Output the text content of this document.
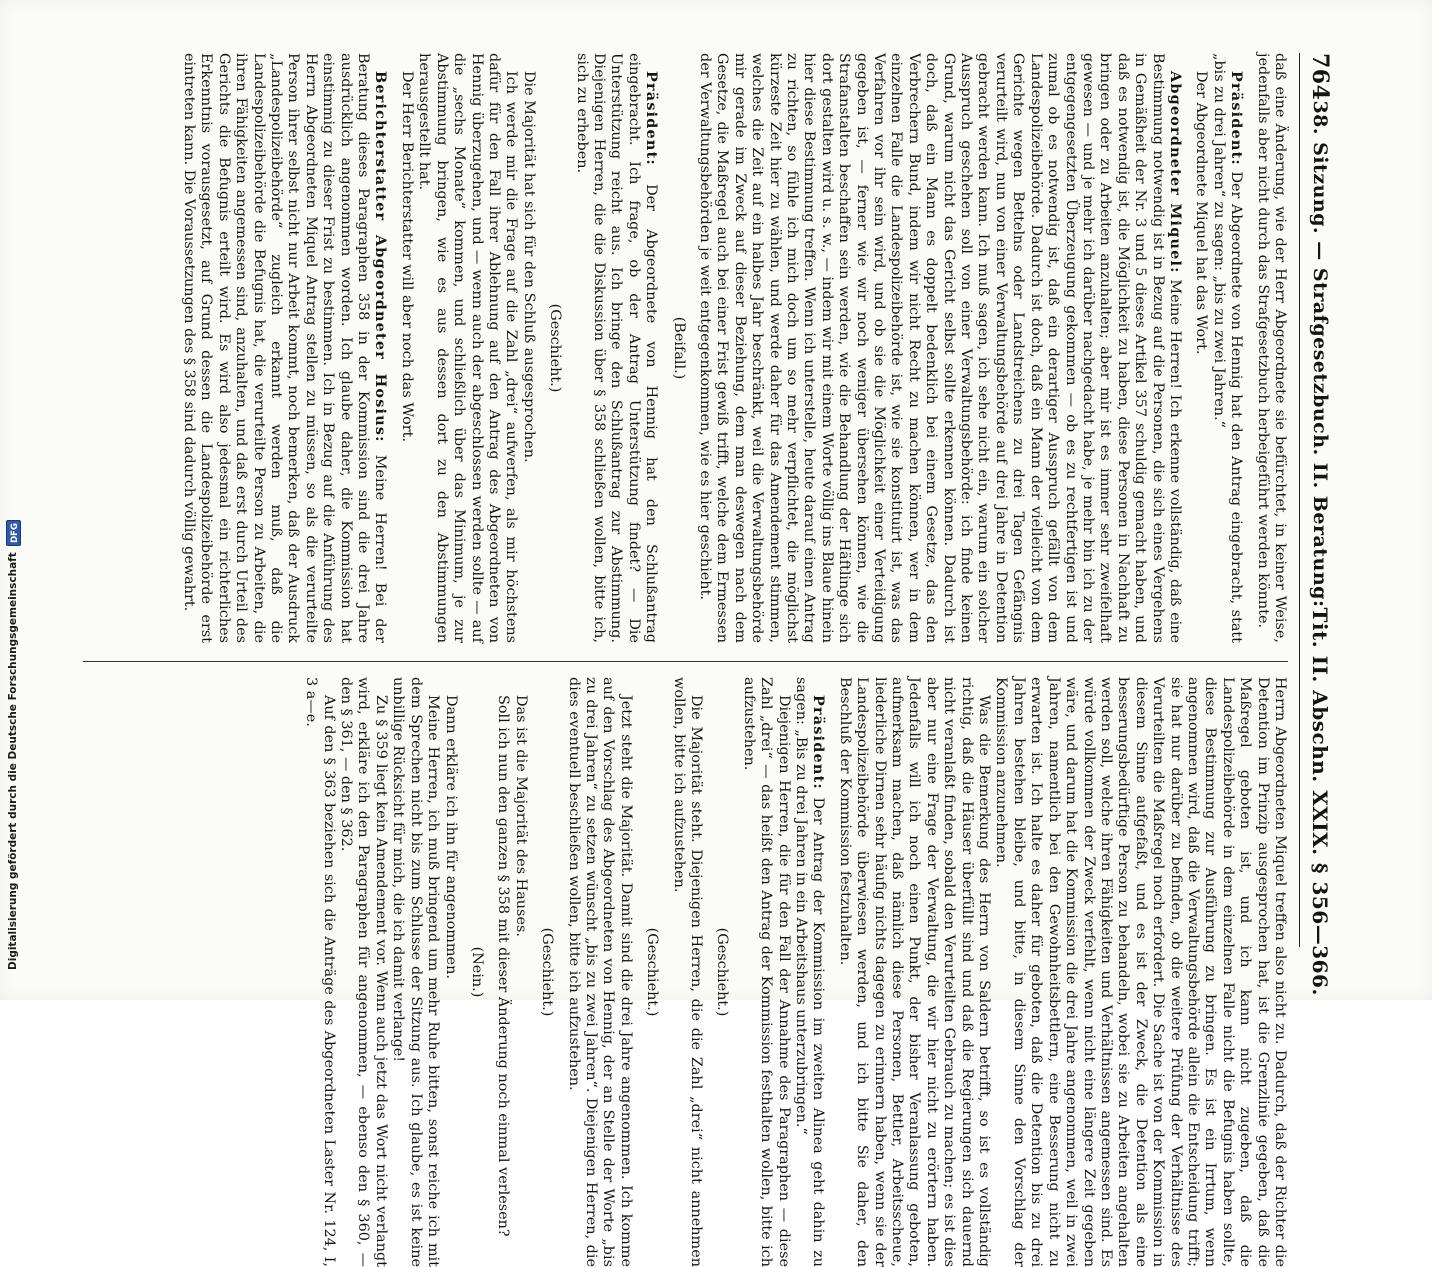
764
38. Sitzung. — Strafgesetzbuch. II. Beratung:
Tit. II. Abschn. XXIX. § 356—366.

daß eine Änderung, wie der Herr Abgeordnete sie befürchtet, in keiner Weise, jedenfalls aber nicht durch das Strafgesetzbuch herbeigeführt werden könnte.

Präsident: Der Abgeordnete von Hennig hat den Antrag eingebracht, statt „bis zu drei Jahren“ zu sagen: „bis zu zwei Jahren.“

Der Abgeordnete Miquel hat das Wort.

Abgeordneter Miquel: Meine Herren! Ich erkenne vollständig, daß eine Bestimmung notwendig ist in Bezug auf die Personen, die sich eines Vergehens in Gemäßheit der Nr. 3 und 5 dieses Artikel 357 schuldig gemacht haben, und daß es notwendig ist, die Möglichkeit zu haben, diese Personen in Nachhaft zu bringen oder zu Arbeiten anzuhalten; aber mir ist es immer sehr zweifelhaft gewesen — und je mehr ich darüber nachgedacht habe, je mehr bin ich zu der entgegengesetzten Überzeugung gekommen — ob es zu rechtfertigen ist und zumal ob es notwendig ist, daß ein derartiger Ausspruch gefällt von dem Landespolizeibehörde. Dadurch ist doch, daß ein Mann der vielleicht von dem Gerichte wegen Bettelns oder Landstreichens zu drei Tagen Gefängnis verurteilt wird, nun von einer Verwaltungsbehörde auf drei Jahre in Detention gebracht werden kann. Ich muß sagen, ich sehe nicht ein, warum ein solcher Ausspruch geschehen soll von einer Verwaltungsbehörde: ich finde keinen Grund, warum nicht das Gericht selbst sollte erkennen können. Dadurch ist doch, daß ein Mann es doppelt bedenklich bei einem Gesetze, das den Verbrechern Bund, indem wir nicht Recht zu machen können, wer in dem einzelnen Falle die Landespolizeibehörde ist, wie sie konstituirt ist, was das Verfahren vor ihr sein wird, und ob sie die Möglichkeit einer Verteidigung gegeben ist, — ferner wie wir noch weniger übersehen können, wie die Strafanstalten beschaffen sein werden, wie die Behandlung der Häftlinge sich dort gestalten wird u. s. w., — indem wir mit einem Worte völlig ins Blaue hinein hier diese Bestimmung treffen. Wenn ich unterstelle, heute darauf einen Antrag zu richten, so fühle ich mich doch um so mehr verpflichtet, die möglichst kürzeste Zeit hier zu wählen, und werde daher für das Amendement stimmen, welches die Zeit auf ein halbes Jahr beschränkt, weil die Verwaltungsbehörde mir gerade im Zweck auf dieser Beziehung, dem man deswegen nach dem Gesetze, die Maßregel auch bei einer Frist gewiß trifft, welche dem Ermessen der Verwaltungsbehörden je weit entgegenkommen, wie es hier geschieht.

(Beifall.)

Präsident: Der Abgeordnete von Hennig hat den Schlußantrag eingebracht. Ich frage, ob der Antrag Unterstützung findet? — Die Unterstützung reicht aus. Ich bringe den Schlußantrag zur Abstimmung. Diejenigen Herren, die die Diskussion über § 358 schließen wollen, bitte ich, sich zu erheben.

(Geschieht.)

Die Majorität hat sich für den Schluß ausgesprochen.

Ich werde mir die Frage auf die Zahl „drei“ aufwerfen, als mir höchstens dafür für den Fall ihrer Ablehnung auf den Antrag des Abgeordneten von Hennig überzugehen, und — wenn auch der abgeschlossen werden sollte — auf die „sechs Monate“ kommen, und schließlich über das Minimum, je zur Abstimmung bringen, wie es aus dessen dort zu den Abstimmungen herausgestellt hat.

Der Herr Berichterstatter will aber noch das Wort.

Berichterstatter Abgeordneter Hosius: Meine Herren! Bei der Beratung dieses Paragraphen 358 in der Kommission sind die drei Jahre ausdrücklich angenommen worden. Ich glaube daher, die Kommission hat einstimmig zu dieser Frist zu bestimmen. Ich in Bezug auf die Anführung des Herrn Abgeordneten Miquel Antrag stellen zu müssen, so als die verurteilte Person ihrer selbst nicht nur Arbeit kommt, noch bemerken, daß der Ausdruck „Landespolizeibehörde“ zugleich erkannt werden muß, daß die Landespolizeibehörde die Befugnis hat, die verurteilte Person zu Arbeiten, die ihren Fähigkeiten angemessen sind, anzuhalten, und daß erst durch Urteil des Gerichts die Befugnis erteilt wird. Es wird also jedesmal ein richterliches Erkenntnis vorausgesetzt, auf Grund dessen die Landespolizeibehörde erst eintreten kann. Die Voraussetzungen des § 358 sind dadurch völlig gewahrt.

Herrn Abgeordneten Miquel treffen also nicht zu. Dadurch, daß der Richter die Detention im Prinzip ausgesprochen hat, ist die Grenzlinie gegeben, daß die Maßregel geboten ist, und ich kann nicht zugeben, daß die Landespolizeibehörde in dem einzelnen Falle nicht die Befugnis haben sollte, diese Bestimmung zur Ausführung zu bringen. Es ist ein Irrtum, wenn angenommen wird, daß die Verwaltungsbehörde allein die Entscheidung trifft; sie hat nur darüber zu befinden, ob die weitere Prüfung der Verhältnisse des Verurteilten die Maßregel noch erfordert. Die Sache ist von der Kommission in diesem Sinne aufgefaßt, und es ist der Zweck, die Detention als eine besserungsbedürftige Person zu behandeln, wobei sie zu Arbeiten angehalten werden soll, welche ihren Fähigkeiten und Verhältnissen angemessen sind. Es würde vollkommen der Zweck verfehlt, wenn nicht eine längere Zeit gegeben wäre, und darum hat die Kommission die drei Jahre angenommen, weil in zwei Jahren, namentlich bei den Gewohnheitsbettlern, eine Besserung nicht zu erwarten ist. Ich halte es daher für geboten, daß die Detention bis zu drei Jahren bestehen bleibe, und bitte, in diesem Sinne den Vorschlag der Kommission anzunehmen.

Was die Bemerkung des Herrn von Saldern betrifft, so ist es vollständig richtig, daß die Häuser überfüllt sind und daß die Regierungen sich dauernd nicht veranlaßt finden, sobald den Verurteilten Gebrauch zu machen; es ist dies aber nur eine Frage der Verwaltung, die wir hier nicht zu erörtern haben. Jedenfalls will ich noch einen Punkt, der bisher Veranlassung geboten, aufmerksam machen, daß nämlich diese Personen, Bettler, Arbeitsscheue, liederliche Dirnen sehr häufig nichts dagegen zu erinnern haben, wenn sie der Landespolizeibehörde überwiesen werden, und ich bitte Sie daher, den Beschluß der Kommission festzuhalten.

Präsident: Der Antrag der Kommission im zweiten Alinea geht dahin zu sagen: „Bis zu drei Jahren in ein Arbeitshaus unterzubringen.“

Diejenigen Herren, die für den Fall der Annahme des Paragraphen — diese Zahl „drei“ — das heißt den Antrag der Kommission festhalten wollen, bitte ich aufzustehen.

(Geschieht.)

Die Majorität steht. Diejenigen Herren, die die Zahl „drei“ nicht annehmen wollen, bitte ich aufzustehen.

(Geschieht.)

Jetzt steht die Majorität. Damit sind die drei Jahre angenommen. Ich komme auf den Vorschlag des Abgeordneten von Hennig, der an Stelle der Worte „bis zu drei Jahren“ zu setzen wünscht „bis zu zwei Jahren“. Diejenigen Herren, die dies eventuell beschließen wollen, bitte ich aufzustehen.

(Geschieht.)

Das ist die Majorität des Hauses.

Soll ich nun den ganzen § 358 mit dieser Änderung noch einmal verlesen?

(Nein.)

Dann erkläre ich ihn für angenommen.

Meine Herren, ich muß bringend um mehr Ruhe bitten, sonst reiche ich mit dem Sprechen nicht bis zum Schlusse der Sitzung aus. Ich glaube, es ist keine unbillige Rücksicht für mich, die ich damit verlange!

Zu § 359 liegt kein Amendement vor. Wenn auch jetzt das Wort nicht verlangt wird, erkläre ich den Paragraphen für angenommen, — ebenso den § 360, — den § 361, — den § 362.

Auf den § 363 beziehen sich die Anträge des Abgeordneten Laster Nr. 124, I, 3 a—e.

Digitalisierung gefördert durch die Deutsche Forschungsgemeinschaft
DFG
